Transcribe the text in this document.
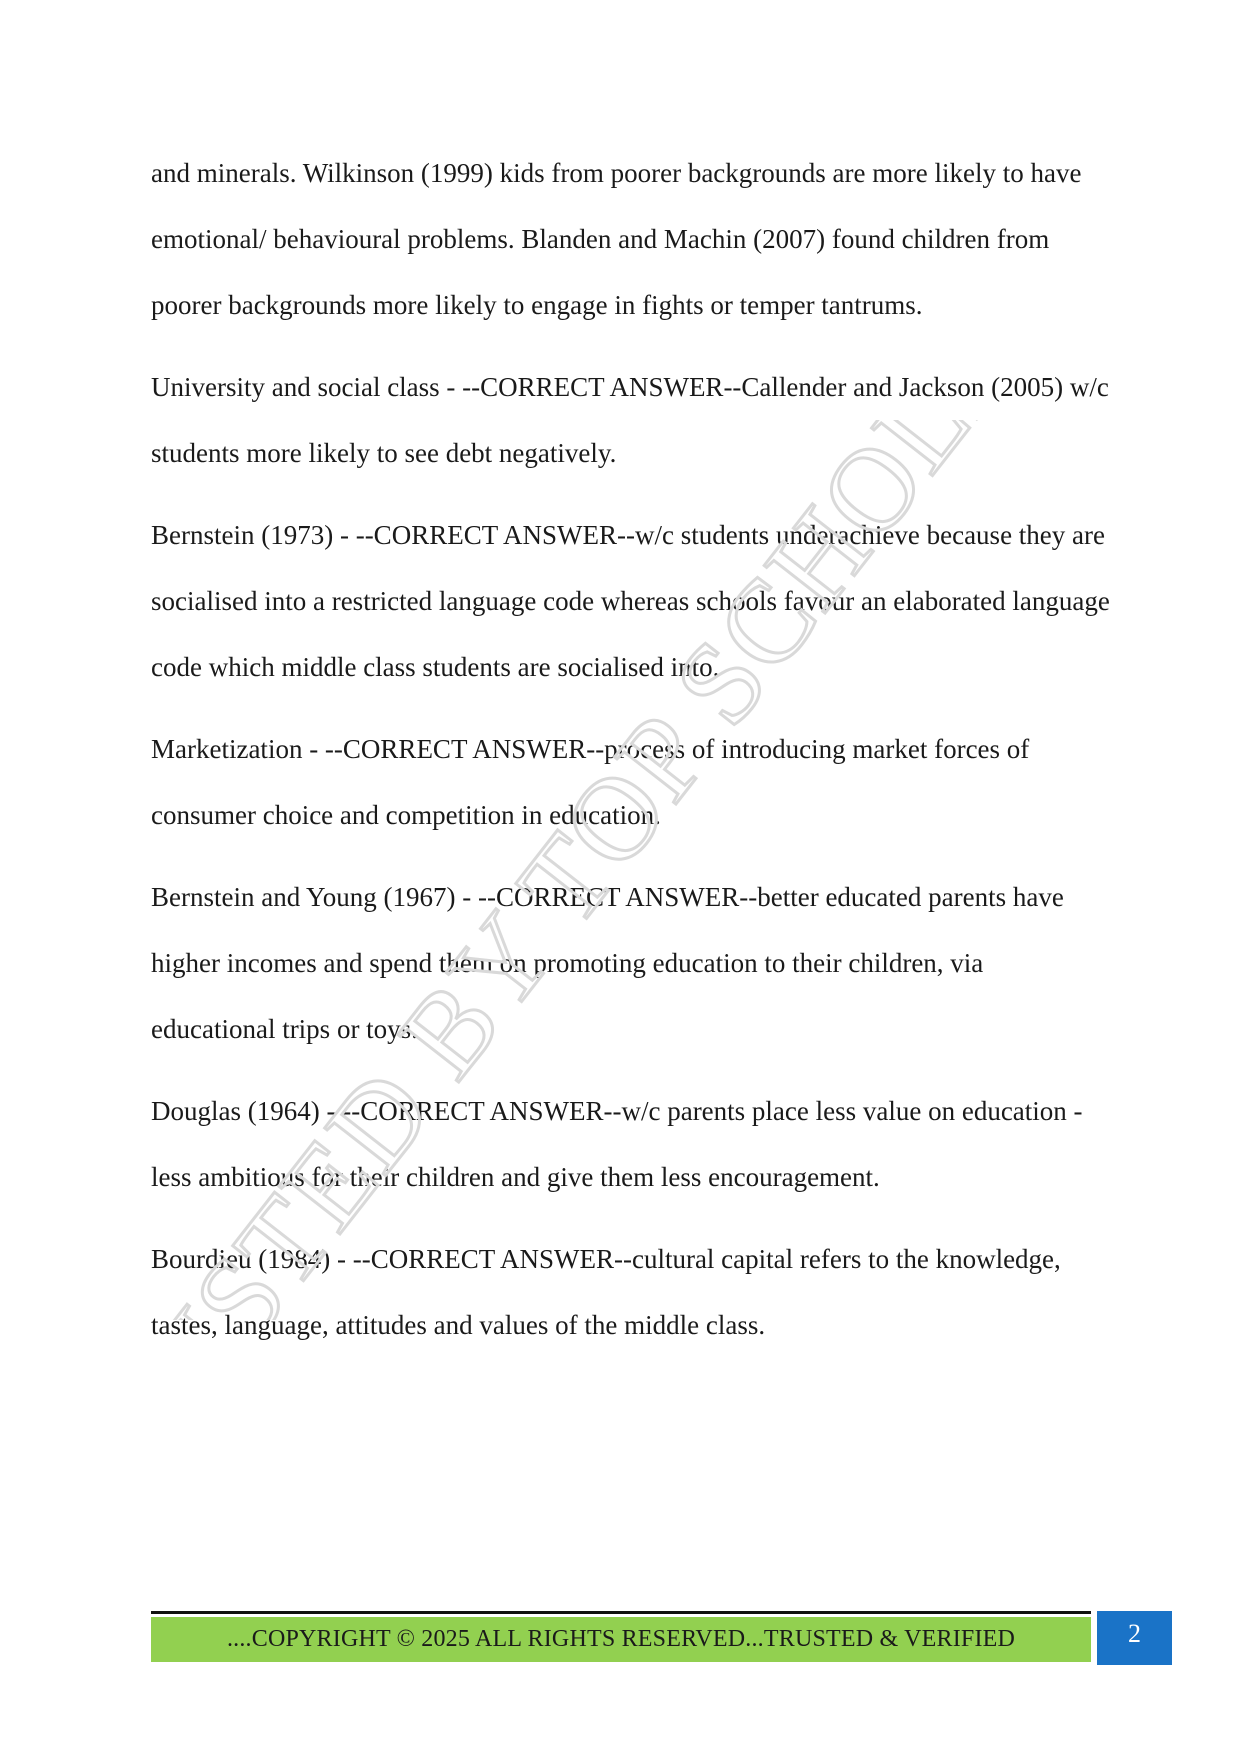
and minerals. Wilkinson (1999) kids from poorer backgrounds are more likely to have emotional/ behavioural problems. Blanden and Machin (2007) found children from poorer backgrounds more likely to engage in fights or temper tantrums.

University and social class - --CORRECT ANSWER--Callender and Jackson (2005) w/c students more likely to see debt negatively.

Bernstein (1973) - --CORRECT ANSWER--w/c students underachieve because they are socialised into a restricted language code whereas schools favour an elaborated language code which middle class students are socialised into.

Marketization - --CORRECT ANSWER--process of introducing market forces of consumer choice and competition in education.

Bernstein and Young (1967) - --CORRECT ANSWER--better educated parents have higher incomes and spend them on promoting education to their children, via educational trips or toys.

Douglas (1964) - --CORRECT ANSWER--w/c parents place less value on education - less ambitious for their children and give them less encouragement.

Bourdieu (1984) - --CORRECT ANSWER--cultural capital refers to the knowledge, tastes, language, attitudes and values of the middle class.

TRUSTED BY TOP SCHOLARS
....COPYRIGHT © 2025 ALL RIGHTS RESERVED...TRUSTED & VERIFIED	2
